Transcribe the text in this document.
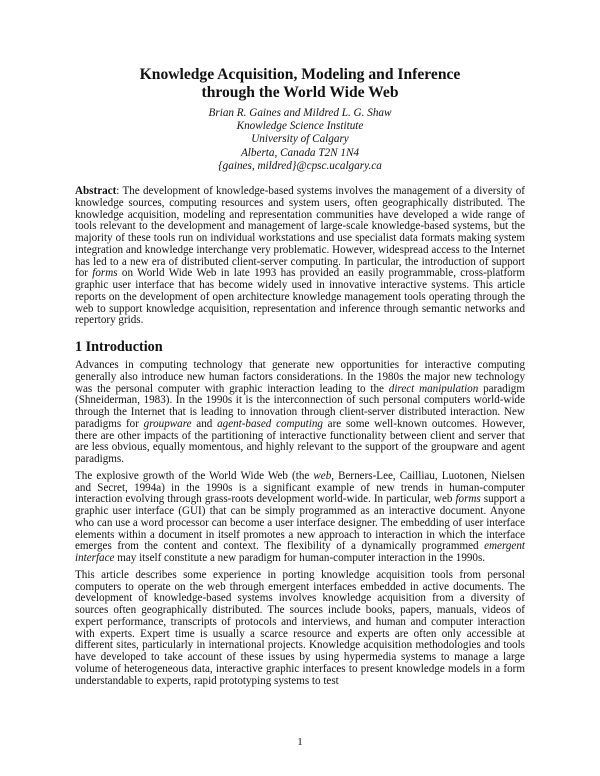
Knowledge Acquisition, Modeling and Inference
through the World Wide Web
Brian R. Gaines and Mildred L. G. Shaw
Knowledge Science Institute
University of Calgary
Alberta, Canada T2N 1N4
{gaines, mildred}@cpsc.ucalgary.ca

Abstract: The development of knowledge-based systems involves the management of a diversity of knowledge sources, computing resources and system users, often geographically distributed. The knowledge acquisition, modeling and representation communities have developed a wide range of tools relevant to the development and management of large-scale knowledge-based systems, but the majority of these tools run on individual workstations and use specialist data formats making system integration and knowledge interchange very problematic. However, widespread access to the Internet has led to a new era of distributed client-server computing. In particular, the introduction of support for forms on World Wide Web in late 1993 has provided an easily programmable, cross-platform graphic user interface that has become widely used in innovative interactive systems. This article reports on the development of open architecture knowledge management tools operating through the web to support knowledge acquisition, representation and inference through semantic networks and repertory grids.

1 Introduction

Advances in computing technology that generate new opportunities for interactive computing generally also introduce new human factors considerations. In the 1980s the major new technology was the personal computer with graphic interaction leading to the direct manipulation paradigm (Shneiderman, 1983). In the 1990s it is the interconnection of such personal computers world-wide through the Internet that is leading to innovation through client-server distributed interaction. New paradigms for groupware and agent-based computing are some well-known outcomes. However, there are other impacts of the partitioning of interactive functionality between client and server that are less obvious, equally momentous, and highly relevant to the support of the groupware and agent paradigms.

The explosive growth of the World Wide Web (the web, Berners-Lee, Cailliau, Luotonen, Nielsen and Secret, 1994a) in the 1990s is a significant example of new trends in human-computer interaction evolving through grass-roots development world-wide. In particular, web forms support a graphic user interface (GUI) that can be simply programmed as an interactive document. Anyone who can use a word processor can become a user interface designer. The embedding of user interface elements within a document in itself promotes a new approach to interaction in which the interface emerges from the content and context. The flexibility of a dynamically programmed emergent interface may itself constitute a new paradigm for human-computer interaction in the 1990s.

This article describes some experience in porting knowledge acquisition tools from personal computers to operate on the web through emergent interfaces embedded in active documents. The development of knowledge-based systems involves knowledge acquisition from a diversity of sources often geographically distributed. The sources include books, papers, manuals, videos of expert performance, transcripts of protocols and interviews, and human and computer interaction with experts. Expert time is usually a scarce resource and experts are often only accessible at different sites, particularly in international projects. Knowledge acquisition methodologies and tools have developed to take account of these issues by using hypermedia systems to manage a large volume of heterogeneous data, interactive graphic interfaces to present knowledge models in a form understandable to experts, rapid prototyping systems to test

1
